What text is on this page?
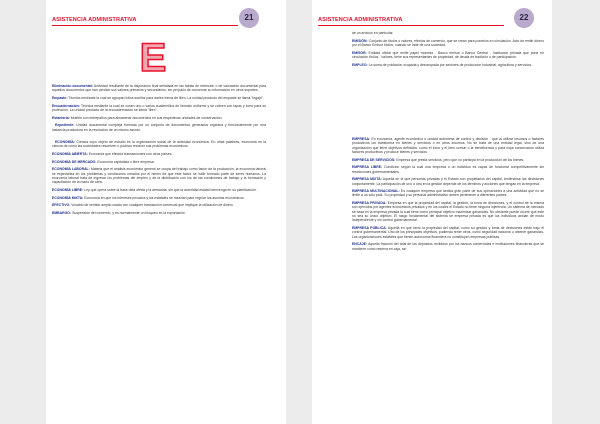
ASISTENCIA ADMINISTRATIVA	21
E

Eliminación documental: Actividad resultante de la disposición final señalada en las tablas de retención o de valoración documental para aquellos documentos que han perdido sus valores primarios y secundarios, sin perjuicio de conservar su información en otros soportes.

Empaste: Técnica mediante la cual se agrupan folios sueltos para darles forma de libro. La unidad producto del empaste se llama "legajo".

Encuadernación: Técnica mediante la cual se cosen uno o varios cuadernillos de formato uniforme y se cubren con tapas y lomo para su protección. La unidad producto de la encuadernación se llama "libro".

Estantería: Mueble con entrepaños para almacenar documentos en sus respectivas unidades de conservación.

Expediente: Unidad documental compleja formada por un conjunto de documentos generados orgánica y funcionalmente por una instancia productora en la resolución de un mismo asunto.

ECONOMÍA: Ciencia cuyo objeto de estudio es la organización social de la actividad económica. En otras palabras, economía es la ciencia de como las sociedades resuelven o podrían resolver sus problemas económicos.

ECONOMÍA ABIERTA: Economía que efectúa transacciones con otros países.

ECONOMÍA DE MERCADO: Economía capitalista o libre empresa.

ECONOMÍA LABORAL: Materia que el análisis económico general se ocupa del trabajo como factor de la producción, la economía laboral se especializa en los problemas y condiciones creados por el hecho de que este factor se halle formado parte de seres humanos. La economía laboral trata de ingresar los problemas del empleo y de la distribución con los de las condiciones de trabajo y la formación y capacitación de la mano de obra.

ECONOMÍA LIBRE: Ley que opera sobre la base dela oferta y la demanda, sin que la autoridad estatal intervenga en su planificación.

ECONOMÍA MIXTA: Economía en que los intereses privados y los estatales se mezclan para regular los asuntos económicos.

EFECTIVO: Vocablo de sentido amplio usado con cualquier transacción comercial que implique la utilización de dinero.

EMBARGO: Suspensión del comercio, y es normalmente un bloqueo en la exportación

ASISTENCIA ADMINISTRATIVA	22

de un artículo en particular.

EMISIÓN: Conjunto de títulos o valores, efectos de comercio, que se crean para ponerlos en circulación. Acto de emitir dinero por el Banco Emisor títulos, cuando se trate de una sociedad.

EMISOR: Entidad oficial que emite papel moneda - Banco emisor o Banco Central - Institución privada que pone en circulación títulos - valores, tiene sus representantes de propiedad, de deuda de tradición o de participación.

EMPLEO: La suma de población ocupada y desocupada por sectores de producción Industrial, agricultura y servicios.

EMPRESA: En economía, agente económico o unidad autónoma de control y decisión - que al utilizar insumos o factores productivos los transforma en bienes y servicios o en otros insumos. No se trata de una entidad legal, sino de una organización que tiene objetivos definidos, como el lucro y el bien común o la beneficencia y para cuya consecución utiliza factores productivos y produce bienes y servicios.

EMPRESA DE SERVICIOS: Empresa que presta servicios, pero que no participa en la producción de los bienes.

EMPRESA LIBRE: Condición según la cual una empresa o un individuo es capaz de funcionar competitivamente sin restricciones gubernamentales.

EMPRESA MIXTA: Aquella en la que personas privadas y el Estado son propietarios del capital, teniéndose las decisiones conjuntamente. La participación de uno u otro en la gestión depende de los términos y acciones que tengan en la empresa.

EMPRESA MULTINACIONAL: Es cualquier empresa que dedica gran parte de sus operaciones a una actividad que no se limite a un sólo país. Su propiedad y su personal administrativo deben pertenecer a diferentes países.

EMPRESA PRIVADA: Empresa en que la propiedad del capital, la gestión, la toma de decisiones, y el control de la misma son ejercidos por agentes económicos privados y en los cuales el Estado no tiene ninguna injerencia. Un sistema de mercado se basa en la empresa privada la cual tiene como principal objetivo maximizar ganancias. No obstante puede ocurrir que este no sea su único objetivo. El rasgo fundamental del sistema se empresa privada es que los individuos actúan de modo independiente y sin control gubernamental.

EMPRESA PÚBLICA: Aquella en que tanto la propiedad del capital, como su gestión y toma de decisiones están bajo el control gubernamental. Uno de los principales objetivos, pudiendo tener otros, como seguridad nacional u obtener ganancias. Las organizaciones estatales que tienen autonomía financiera no constituyen empresas públicas.

ENCAJE: Aquella fracción del total de los depósitos recibidos por los bancos comerciales e instituciones financieras que se mantiene como reserva en caja, sin
